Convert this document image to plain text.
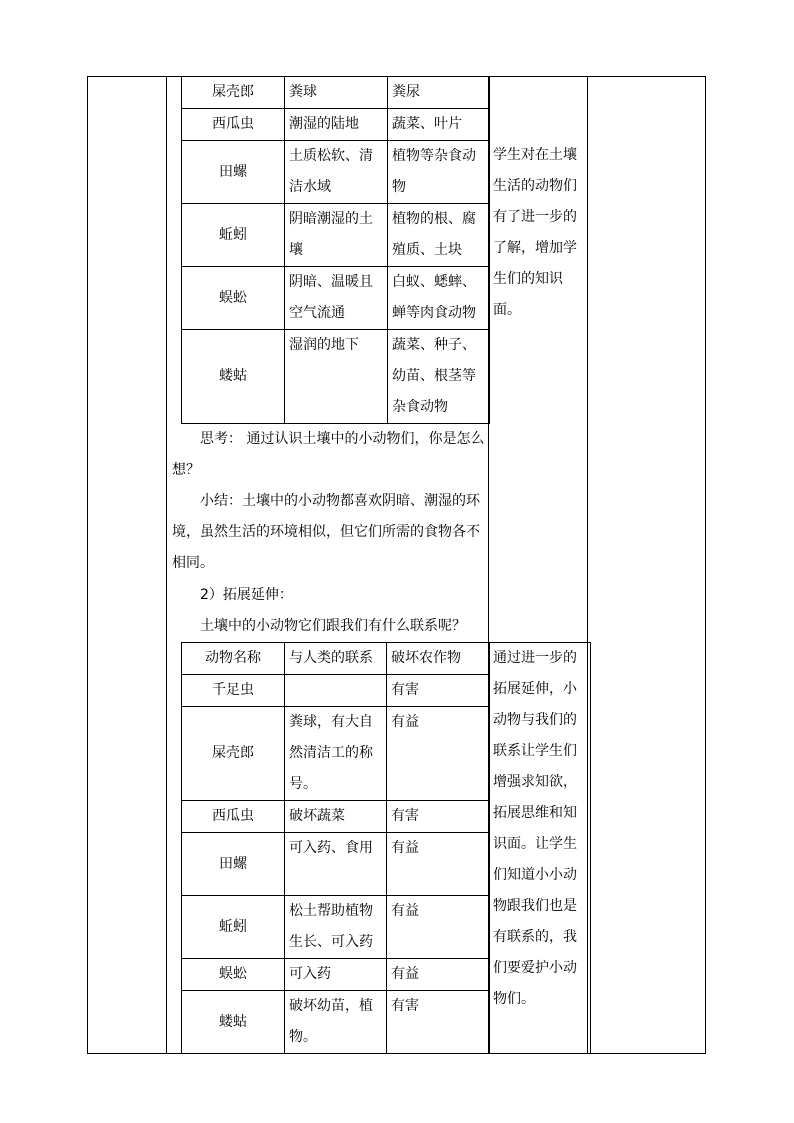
屎壳郎	粪球	粪尿
西瓜虫	潮湿的陆地	蔬菜、叶片
田螺	土质松软、清洁水域	植物等杂食动物
蚯蚓	阴暗潮湿的土壤	植物的根、腐殖质、土块
蜈蚣	阴暗、温暖且空气流通	白蚁、蟋蟀、蝉等肉食动物
蝼蛄	湿润的地下	蔬菜、种子、幼苗、根茎等杂食动物

学生对在土壤生活的动物们有了进一步的了解，增加学生们的知识面。

思考： 通过认识土壤中的小动物们，你是怎么想？

小结：土壤中的小动物都喜欢阴暗、潮湿的环境，虽然生活的环境相似，但它们所需的食物各不相同。

2）拓展延伸：

土壤中的小动物它们跟我们有什么联系呢？

动物名称	与人类的联系	破坏农作物	通过进一步的拓展延伸，小动物与我们的联系让学生们增强求知欲，拓展思维和知识面。让学生们知道小小动物跟我们也是有联系的，我们要爱护小动物们。
千足虫		有害	
屎壳郎	粪球，有大自然清洁工的称号。	有益	
西瓜虫	破坏蔬菜	有害	
田螺	可入药、食用	有益	
蚯蚓	松土帮助植物生长、可入药	有益	
蜈蚣	可入药	有益	
蝼蛄	破坏幼苗，植物。	有害	
